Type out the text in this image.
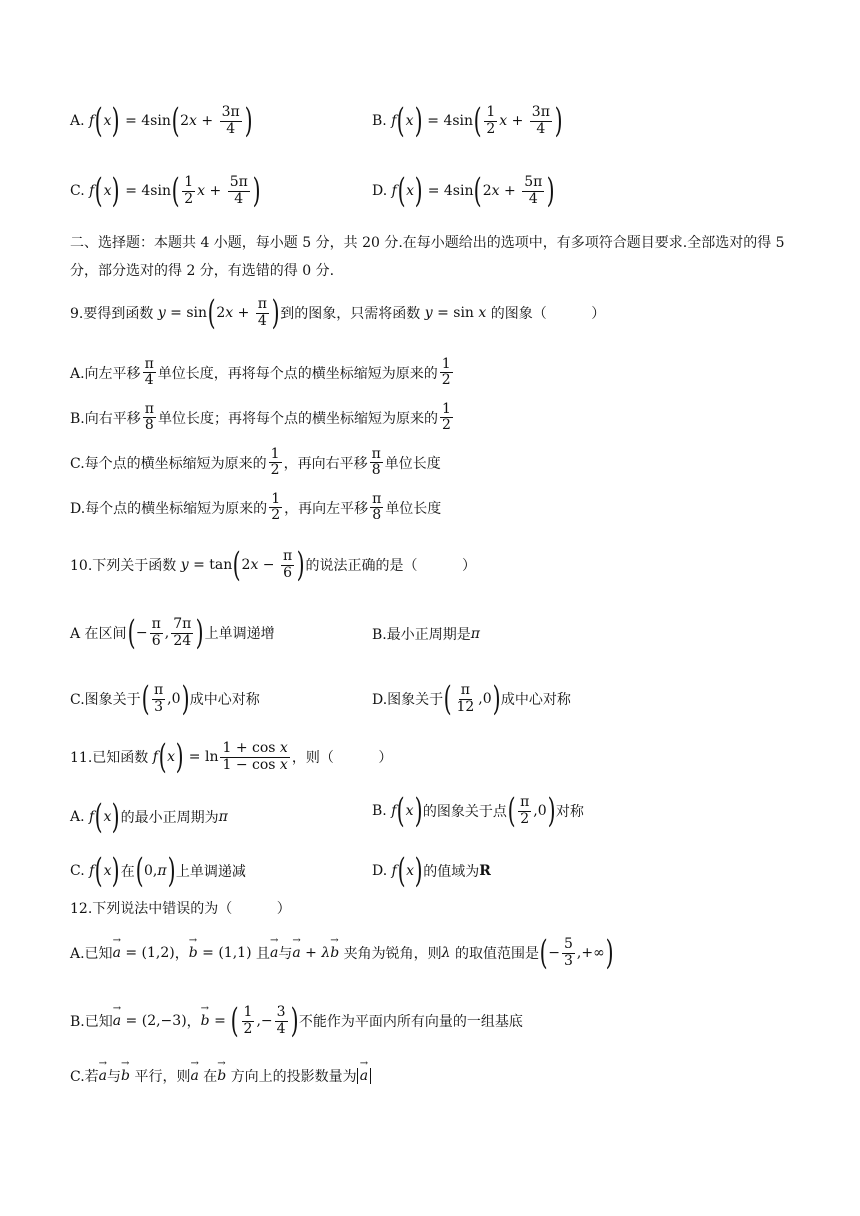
A.
f ( x ) = 4sin ( 2 $x + \frac{3\pi}{4}$ )	B.
f ( x ) = 4sin ( $\frac{1}{2}$ $x + \frac{3\pi}{4}$ )
C.
f ( x ) = 4sin ( $\frac{1}{2}$ $x + \frac{5\pi}{4}$ )	D.
f ( x ) = 4sin ( 2 $x + \frac{5\pi}{4}$ )
二、选择题：本题共 4 小题，每小题 5 分，共 20 分.在每小题给出的选项中，有多项符合题目要求.全部选对的得 5 分，部分选对的得 2 分，有选错的得 0 分.
9.要得到函数
y = sin ( 2 $x + \frac{\pi}{4}$ ) 到的图象，只需将函数
y = sin x
的图象（          ）
A.向左平移 $\frac{\pi}{4}$ 单位长度，再将每个点的横坐标缩短为原来的 $\frac{1}{2}$
B.向右平移 $\frac{\pi}{8}$ 单位长度；再将每个点的横坐标缩短为原来的 $\frac{1}{2}$
C.每个点的横坐标缩短为原来的 $\frac{1}{2}$ ，再向右平移 $\frac{\pi}{8}$ 单位长度
D.每个点的横坐标缩短为原来的 $\frac{1}{2}$ ，再向左平移 $\frac{\pi}{8}$ 单位长度
10.下列关于函数
y = tan ( 2 $x - \frac{\pi}{6}$ ) 的说法正确的是（          ）
A 在区间 ( − $\frac{\pi}{6}$ , $\frac{7\pi}{24}$ ) 上单调递增	B.最小正周期是 π
C.图象关于 ( $\frac{\pi}{3} ,0$ ) 成中心对称	D.图象关于 ( $\frac{\pi}{12} ,0$ ) 成中心对称
11.已知函数
f ( x ) = $\ln \frac{\text{1 + cos x}}{\text{1 − cos x}}$ ，则（          ）
A. f ( x ) 的最小正周期为 π	B. f ( x ) 的图象关于点 ( $\frac{\pi}{2} ,0$ ) 对称
C. f ( x ) 在 ( 0, π ) 上单调递减	D. f ( x ) 的值域为 R
12.下列说法中错误的为（          ）
A.已知 → a = (1,2) ， → b = (1,1) 且 → a 与 → a + λ → b
夹角为锐角，则 λ
的取值范围是 ( − $\frac{5}{3}$ ,+∞ )
B.已知 → a = (2,−3) ， → b = ( $\frac{1}{2}$ ,− $\frac{3}{4}$ ) 不能作为平面内所有向量的一组基底
C.若 → a 与 → b
平行，则 → a
在 → b
方向上的投影数量为 → a
